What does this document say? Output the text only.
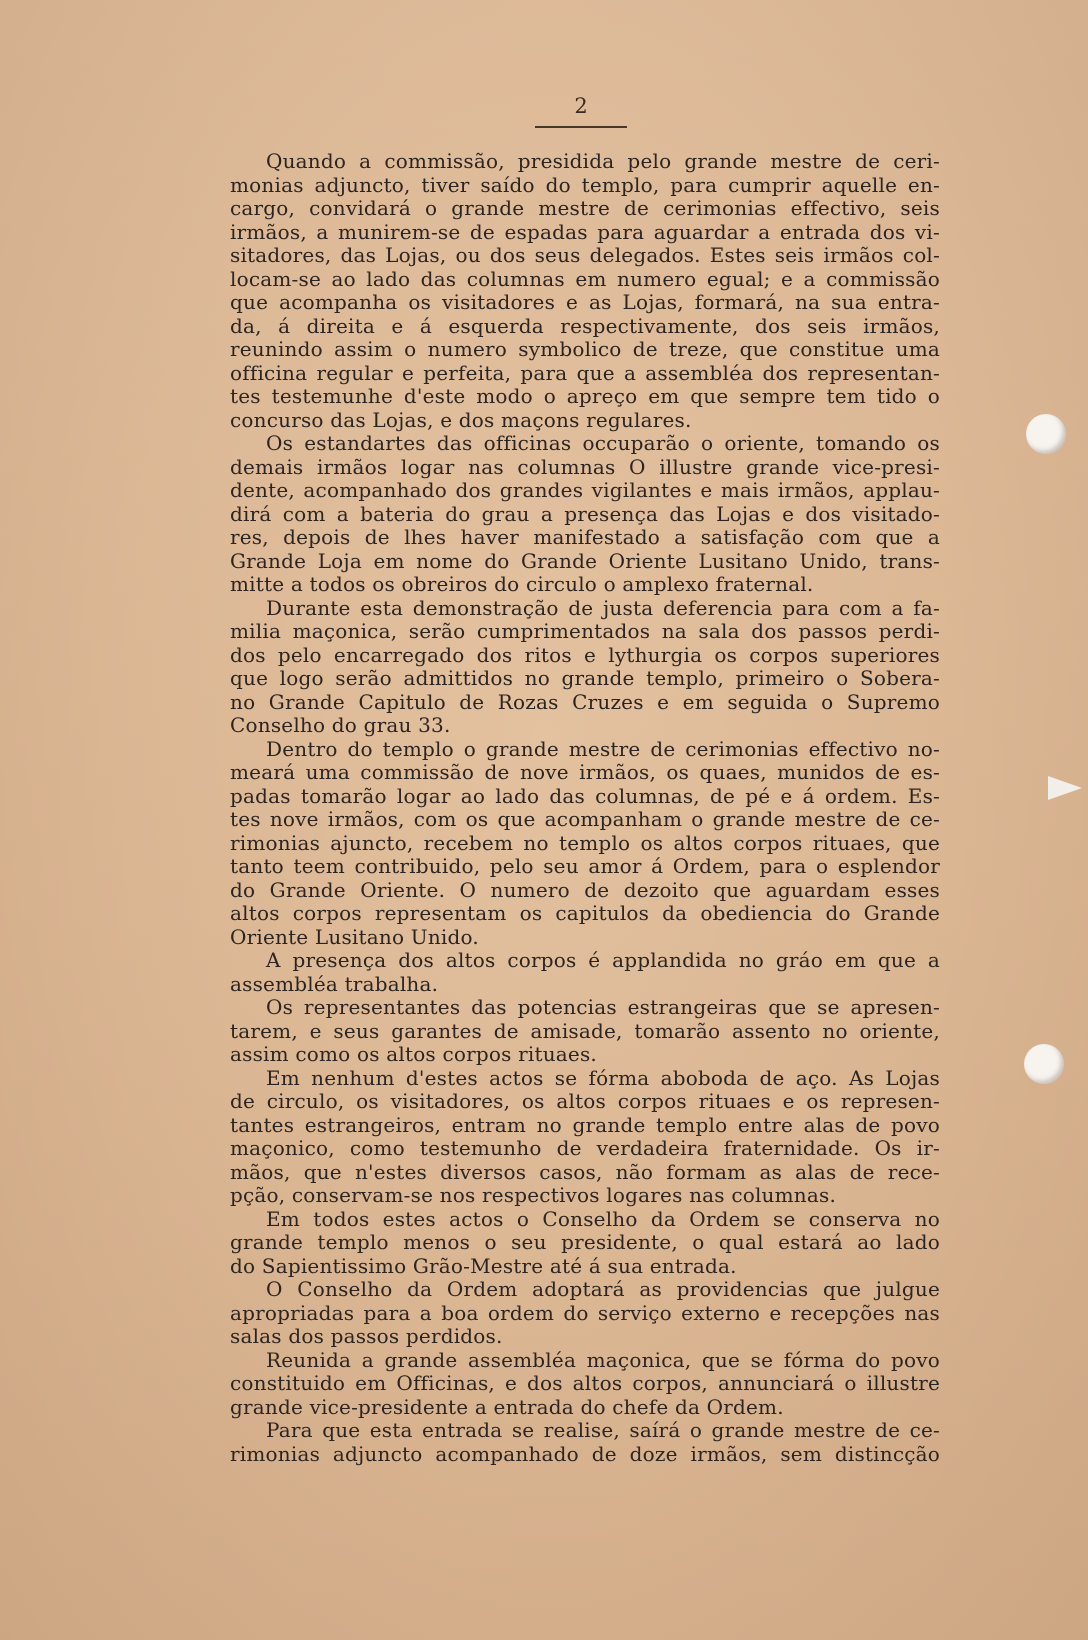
2
Quando a commissão, presidida pelo grande mestre de ceri-
monias adjuncto, tiver saído do templo, para cumprir aquelle en-
cargo, convidará o grande mestre de cerimonias effectivo, seis
irmãos, a munirem-se de espadas para aguardar a entrada dos vi-
sitadores, das Lojas, ou dos seus delegados. Estes seis irmãos col-
locam-se ao lado das columnas em numero egual; e a commissão
que acompanha os visitadores e as Lojas, formará, na sua entra-
da, á direita e á esquerda respectivamente, dos seis irmãos,
reunindo assim o numero symbolico de treze, que constitue uma
officina regular e perfeita, para que a assembléa dos representan-
tes testemunhe d'este modo o apreço em que sempre tem tido o
concurso das Lojas, e dos maçons regulares.
Os estandartes das officinas occuparão o oriente, tomando os
demais irmãos logar nas columnas O illustre grande vice-presi-
dente, acompanhado dos grandes vigilantes e mais irmãos, applau-
dirá com a bateria do grau a presença das Lojas e dos visitado-
res, depois de lhes haver manifestado a satisfação com que a
Grande Loja em nome do Grande Oriente Lusitano Unido, trans-
mitte a todos os obreiros do circulo o amplexo fraternal.
Durante esta demonstração de justa deferencia para com a fa-
milia maçonica, serão cumprimentados na sala dos passos perdi-
dos pelo encarregado dos ritos e lythurgia os corpos superiores
que logo serão admittidos no grande templo, primeiro o Sobera-
no Grande Capitulo de Rozas Cruzes e em seguida o Supremo
Conselho do grau 33.
Dentro do templo o grande mestre de cerimonias effectivo no-
meará uma commissão de nove irmãos, os quaes, munidos de es-
padas tomarão logar ao lado das columnas, de pé e á ordem. Es-
tes nove irmãos, com os que acompanham o grande mestre de ce-
rimonias ajuncto, recebem no templo os altos corpos rituaes, que
tanto teem contribuido, pelo seu amor á Ordem, para o esplendor
do Grande Oriente. O numero de dezoito que aguardam esses
altos corpos representam os capitulos da obediencia do Grande
Oriente Lusitano Unido.
A presença dos altos corpos é applandida no gráo em que a
assembléa trabalha.
Os representantes das potencias estrangeiras que se apresen-
tarem, e seus garantes de amisade, tomarão assento no oriente,
assim como os altos corpos rituaes.
Em nenhum d'estes actos se fórma aboboda de aço. As Lojas
de circulo, os visitadores, os altos corpos rituaes e os represen-
tantes estrangeiros, entram no grande templo entre alas de povo
maçonico, como testemunho de verdadeira fraternidade. Os ir-
mãos, que n'estes diversos casos, não formam as alas de rece-
pção, conservam-se nos respectivos logares nas columnas.
Em todos estes actos o Conselho da Ordem se conserva no
grande templo menos o seu presidente, o qual estará ao lado
do Sapientissimo Grão-Mestre até á sua entrada.
O Conselho da Ordem adoptará as providencias que julgue
apropriadas para a boa ordem do serviço externo e recepções nas
salas dos passos perdidos.
Reunida a grande assembléa maçonica, que se fórma do povo
constituido em Officinas, e dos altos corpos, annunciará o illustre
grande vice-presidente a entrada do chefe da Ordem.
Para que esta entrada se realise, saírá o grande mestre de ce-
rimonias adjuncto acompanhado de doze irmãos, sem distincção
